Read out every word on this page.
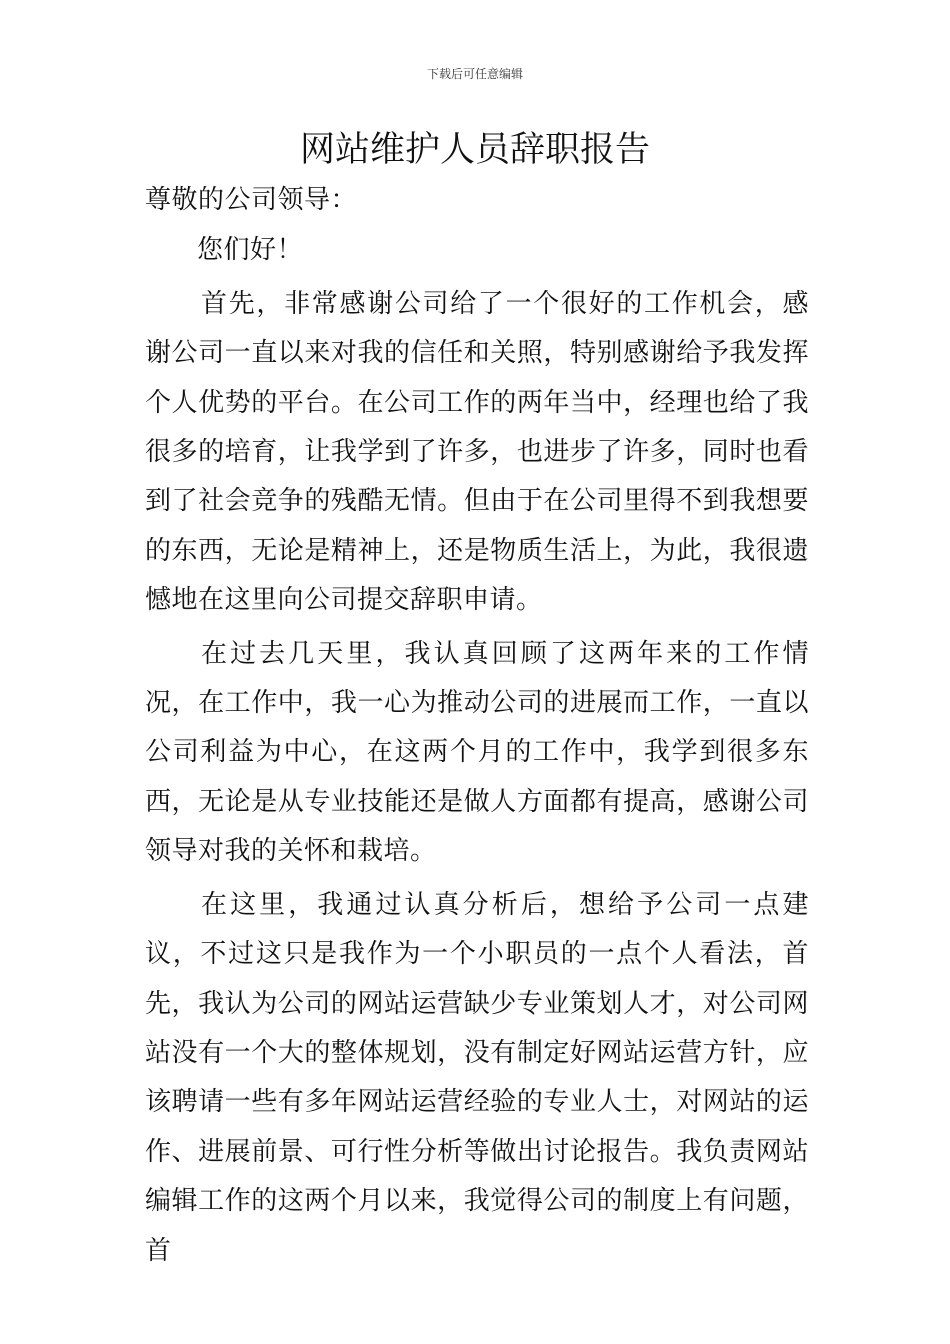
下载后可任意编辑
网站维护人员辞职报告

尊敬的公司领导：

您们好！

首先，非常感谢公司给了一个很好的工作机会，感谢公司一直以来对我的信任和关照，特别感谢给予我发挥个人优势的平台。在公司工作的两年当中，经理也给了我很多的培育，让我学到了许多，也进步了许多，同时也看到了社会竞争的残酷无情。但由于在公司里得不到我想要的东西，无论是精神上，还是物质生活上，为此，我很遗憾地在这里向公司提交辞职申请。

在过去几天里，我认真回顾了这两年来的工作情况，在工作中，我一心为推动公司的进展而工作，一直以公司利益为中心，在这两个月的工作中，我学到很多东西，无论是从专业技能还是做人方面都有提高，感谢公司领导对我的关怀和栽培。

在这里，我通过认真分析后，想给予公司一点建议，不过这只是我作为一个小职员的一点个人看法，首先，我认为公司的网站运营缺少专业策划人才，对公司网站没有一个大的整体规划，没有制定好网站运营方针，应该聘请一些有多年网站运营经验的专业人士，对网站的运作、进展前景、可行性分析等做出讨论报告。我负责网站编辑工作的这两个月以来，我觉得公司的制度上有问题，首
